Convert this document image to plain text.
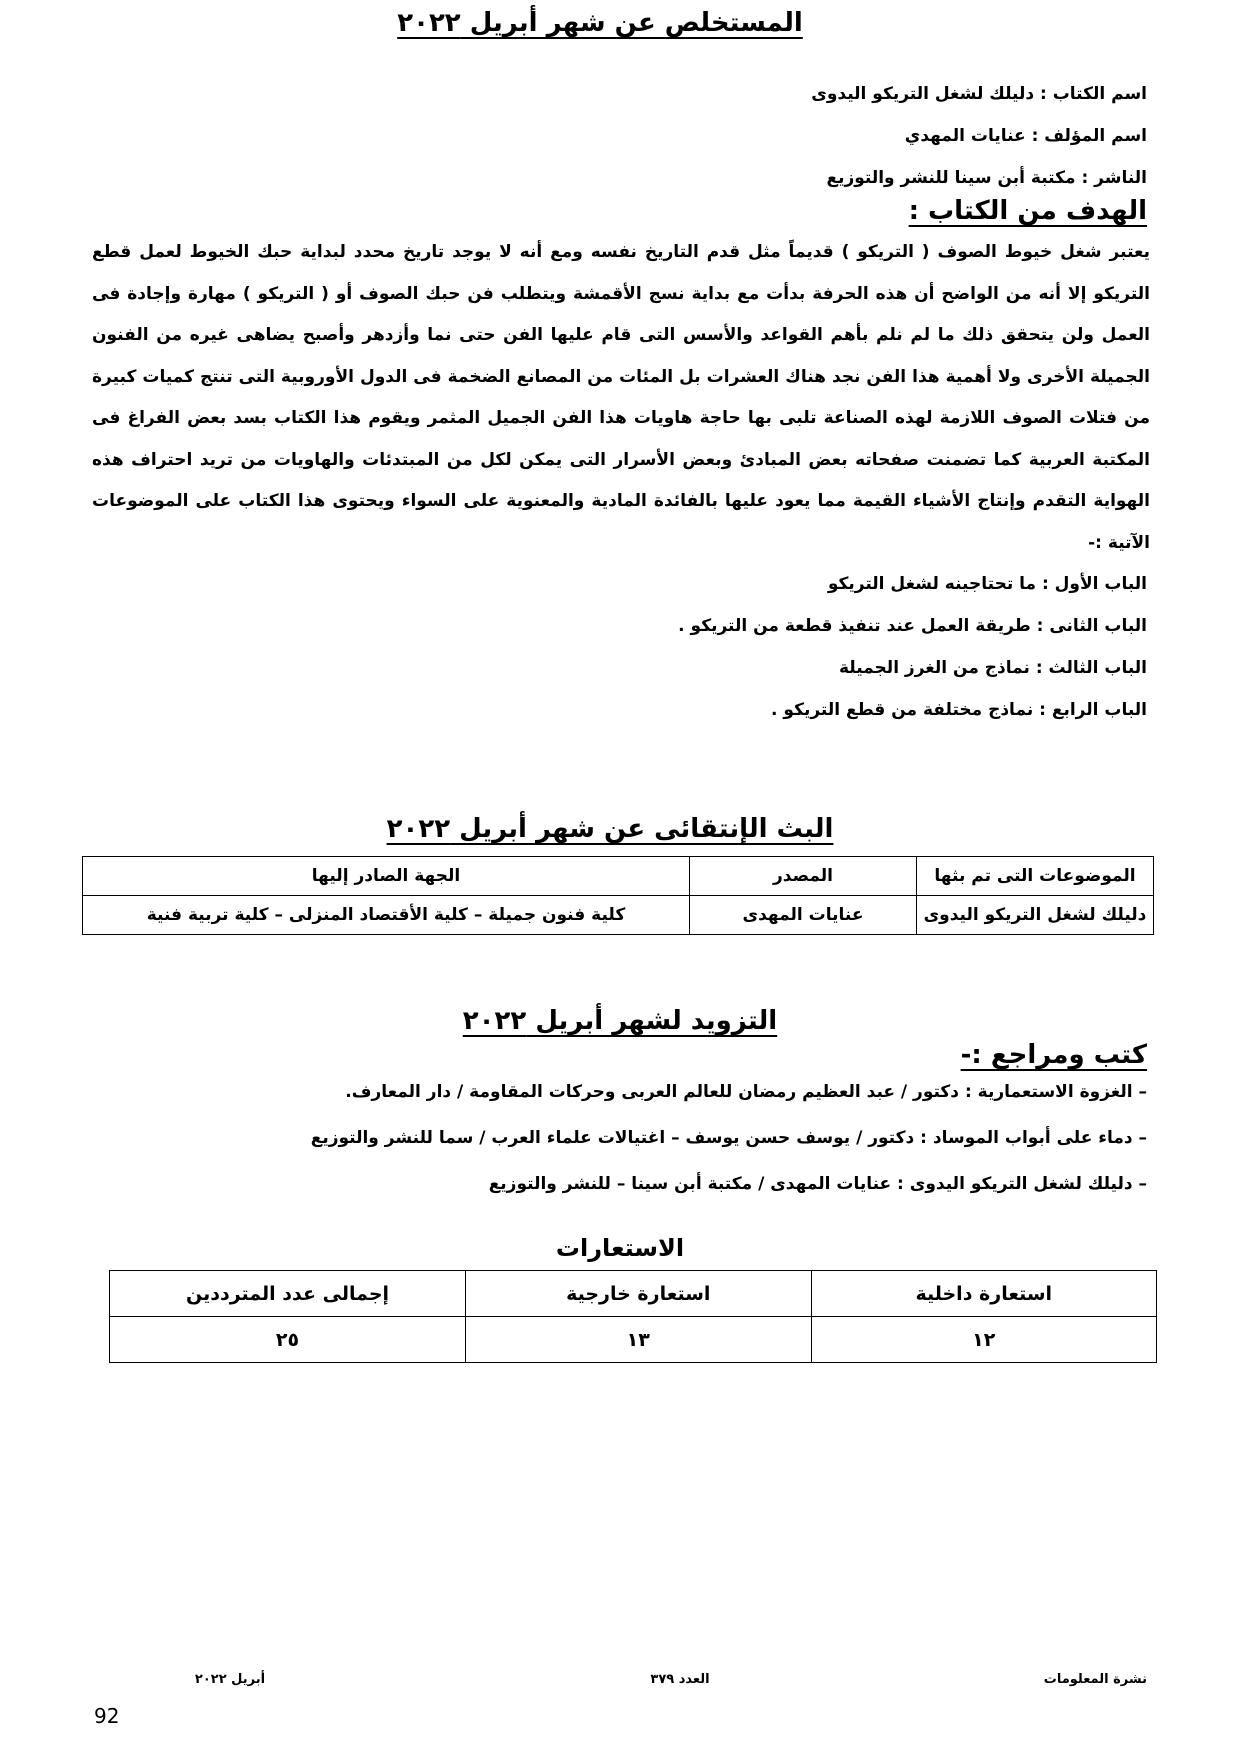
المستخلص عن شهر أبريل ٢٠٢٢
اسم الكتاب : دليلك لشغل التريكو اليدوى
اسم المؤلف : عنايات المهدي
الناشر : مكتبة أبن سينا للنشر والتوزيع
الهدف من الكتاب :
يعتبر شغل خيوط الصوف ( التريكو ) قديماً مثل قدم التاريخ نفسه ومع أنه لا يوجد تاريخ محدد لبداية حبك الخيوط لعمل قطع التريكو إلا أنه من الواضح أن هذه الحرفة بدأت مع بداية نسج الأقمشة ويتطلب فن حبك الصوف أو ( التريكو ) مهارة وإجادة فى العمل ولن يتحقق ذلك ما لم نلم بأهم القواعد والأسس التى قام عليها الفن حتى نما وأزدهر وأصبح يضاهى غيره من الفنون الجميلة الأخرى ولا أهمية هذا الفن نجد هناك العشرات بل المئات من المصانع الضخمة فى الدول الأوروبية التى تنتج كميات كبيرة من فتلات الصوف اللازمة لهذه الصناعة تلبى بها حاجة هاويات هذا الفن الجميل المثمر ويقوم هذا الكتاب بسد بعض الفراغ فى المكتبة العربية كما تضمنت صفحاته بعض المبادئ وبعض الأسرار التى يمكن لكل من المبتدئات والهاويات من تريد احتراف هذه الهواية التقدم وإنتاج الأشياء القيمة مما يعود عليها بالفائدة المادية والمعنوية على السواء ويحتوى هذا الكتاب على الموضوعات الآتية :-
الباب الأول : ما تحتاجينه لشغل التريكو
الباب الثانى : طريقة العمل عند تنفيذ قطعة من التريكو .
الباب الثالث : نماذج من الغرز الجميلة
الباب الرابع : نماذج مختلفة من قطع التريكو .
البث الإنتقائى عن شهر أبريل ٢٠٢٢
الموضوعات التى تم بثها	المصدر	الجهة الصادر إليها
دليلك لشغل التريكو اليدوى	عنايات المهدى	كلية فنون جميلة – كلية الأقتصاد المنزلى – كلية تربية فنية
التزويد لشهر أبريل ٢٠٢٢
كتب ومراجع :-
– الغزوة الاستعمارية : دكتور / عبد العظيم رمضان للعالم العربى وحركات المقاومة / دار المعارف.
– دماء على أبواب الموساد : دكتور / يوسف حسن يوسف – اغتيالات علماء العرب / سما للنشر والتوزيع
– دليلك لشغل التريكو اليدوى : عنايات المهدى / مكتبة أبن سينا – للنشر والتوزيع
الاستعارات
استعارة داخلية	استعارة خارجية	إجمالى عدد المترددين
١٢	١٣	٢٥
نشرة المعلومات
العدد ٣٧٩
أبريل ٢٠٢٢
92
